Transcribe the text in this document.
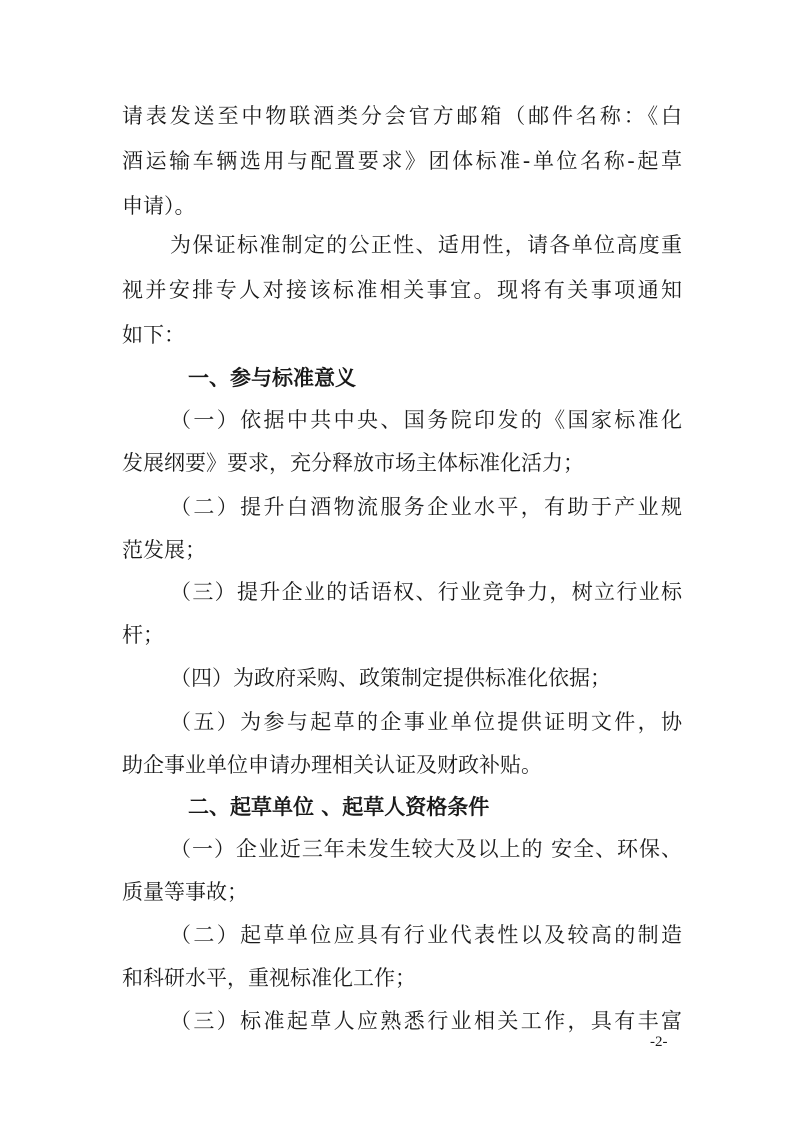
请表发送至中物联酒类分会官方邮箱（邮件名称：《白
酒运输车辆选用与配置要求》团体标准-单位名称-起草
申请）。
为保证标准制定的公正性、适用性，请各单位高度重
视并安排专人对接该标准相关事宜。现将有关事项通知
如下：
一、参与标准意义
（一）依据中共中央、国务院印发的《国家标准化
发展纲要》要求，充分释放市场主体标准化活力；
（二）提升白酒物流服务企业水平，有助于产业规
范发展；
（三）提升企业的话语权、行业竞争力，树立行业标
杆；
（四）为政府采购、政策制定提供标准化依据；
（五）为参与起草的企事业单位提供证明文件，协
助企事业单位申请办理相关认证及财政补贴。
二、起草单位 、起草人资格条件
（一）企业近三年未发生较大及以上的 安全、环保、
质量等事故；
（二）起草单位应具有行业代表性以及较高的制造
和科研水平，重视标准化工作；
（三）标准起草人应熟悉行业相关工作，具有丰富
-2-
